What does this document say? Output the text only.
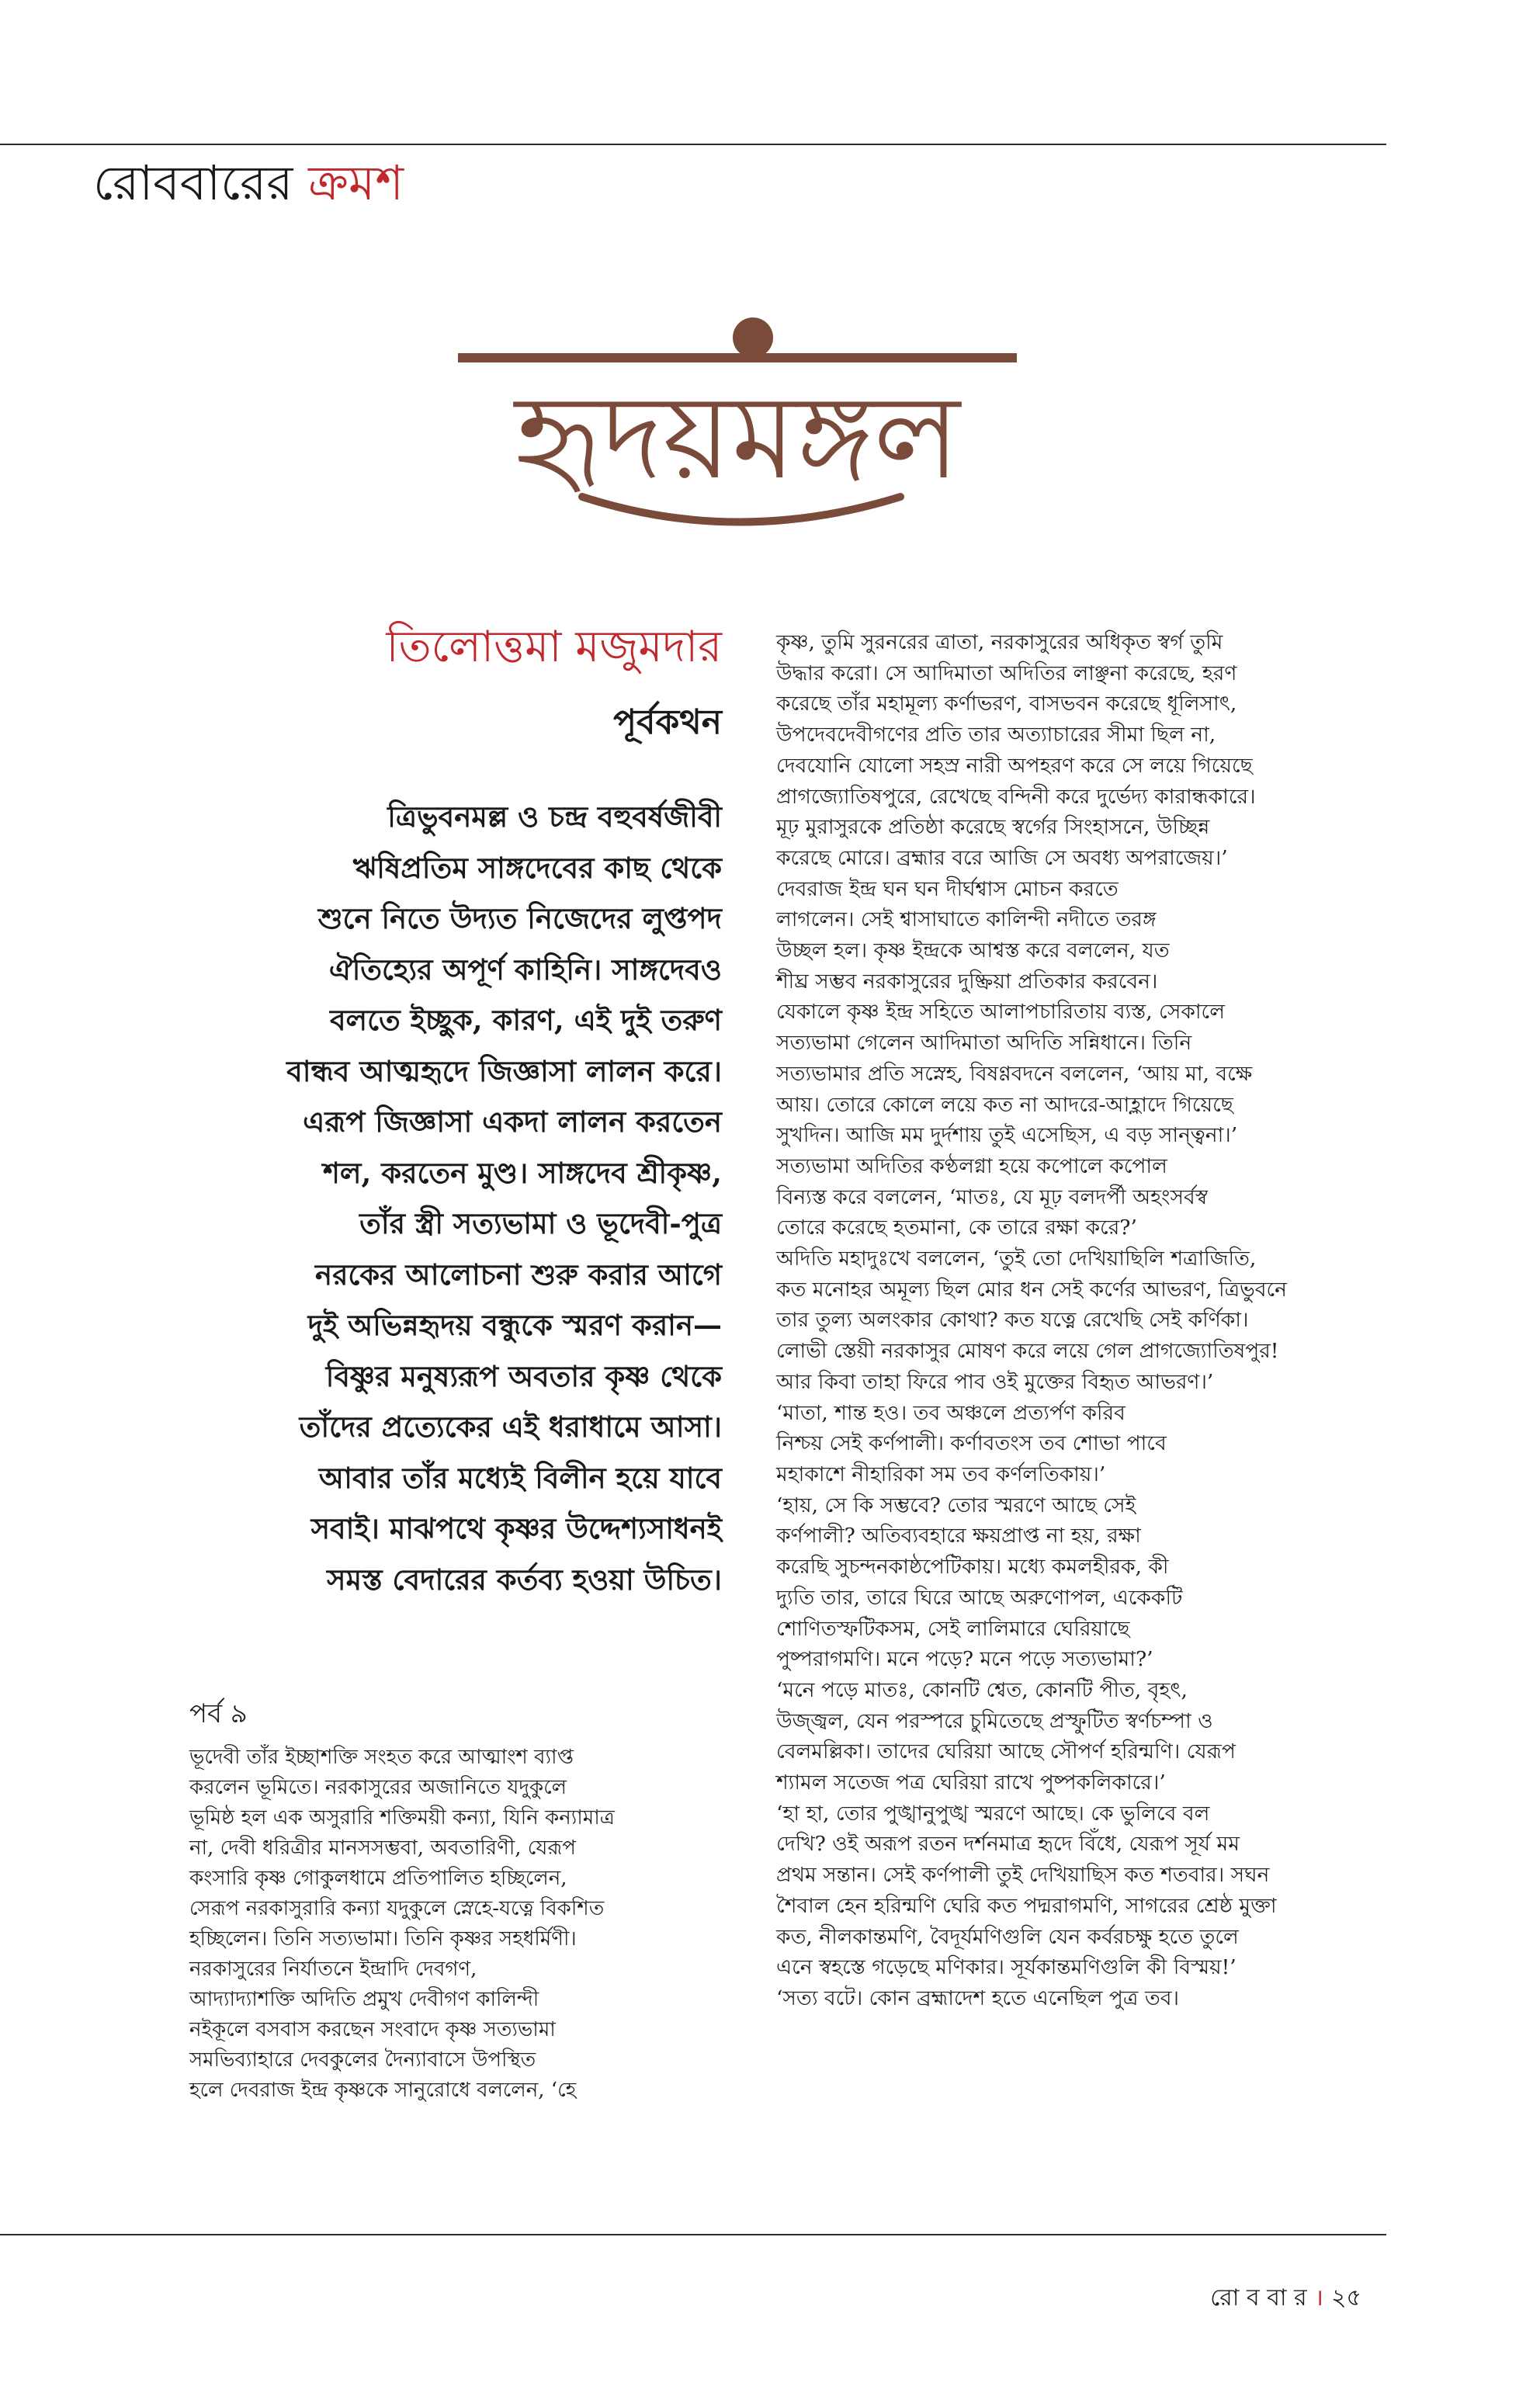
রোববারের ক্রমশ
হৃদয়মঙ্গল
তিলোত্তমা মজুমদার
পূর্বকথন

ত্রিভুবনমল্ল ও চন্দ্র বহুবর্ষজীবী

ঋষিপ্রতিম সাঙ্গদেবের কাছ থেকে

শুনে নিতে উদ্যত নিজেদের লুপ্তপদ

ঐতিহ্যের অপূর্ণ কাহিনি। সাঙ্গদেবও

বলতে ইচ্ছুক, কারণ, এই দুই তরুণ

বান্ধব আত্মহৃদে জিজ্ঞাসা লালন করে।

এরূপ জিজ্ঞাসা একদা লালন করতেন

শল, করতেন মুণ্ড। সাঙ্গদেব শ্রীকৃষ্ণ,

তাঁর স্ত্রী সত্যভামা ও ভূদেবী-পুত্র

নরকের আলোচনা শুরু করার আগে

দুই অভিন্নহৃদয় বন্ধুকে স্মরণ করান—

বিষ্ণুর মনুষ্যরূপ অবতার কৃষ্ণ থেকে

তাঁদের প্রত্যেকের এই ধরাধামে আসা।

আবার তাঁর মধ্যেই বিলীন হয়ে যাবে

সবাই। মাঝপথে কৃষ্ণর উদ্দেশ্যসাধনই

সমস্ত বেদারের কর্তব্য হওয়া উচিত।

পর্ব ৯

ভূদেবী তাঁর ইচ্ছাশক্তি সংহত করে আত্মাংশ ব্যাপ্ত

করলেন ভূমিতে। নরকাসুরের অজানিতে যদুকুলে

ভূমিষ্ঠ হল এক অসুরারি শক্তিময়ী কন্যা, যিনি কন্যামাত্র

না, দেবী ধরিত্রীর মানসসম্ভবা, অবতারিণী, যেরূপ

কংসারি কৃষ্ণ গোকুলধামে প্রতিপালিত হচ্ছিলেন,

সেরূপ নরকাসুরারি কন্যা যদুকুলে স্নেহে-যত্নে বিকশিত

হচ্ছিলেন। তিনি সত্যভামা। তিনি কৃষ্ণর সহধর্মিণী।

নরকাসুরের নির্যাতনে ইন্দ্রাদি দেবগণ,

আদ্যাদ্যাশক্তি অদিতি প্রমুখ দেবীগণ কালিন্দী

নইকূলে বসবাস করছেন সংবাদে কৃষ্ণ সত্যভামা

সমভিব্যাহারে দেবকুলের দৈন্যাবাসে উপস্থিত

হলে দেবরাজ ইন্দ্র কৃষ্ণকে সানুরোধে বললেন, ‘হে

কৃষ্ণ, তুমি সুরনরের ত্রাতা, নরকাসুরের অধিকৃত স্বর্গ তুমি

উদ্ধার করো। সে আদিমাতা অদিতির লাঞ্ছনা করেছে, হরণ

করেছে তাঁর মহামূল্য কর্ণাভরণ, বাসভবন করেছে ধূলিসাৎ,

উপদেবদেবীগণের প্রতি তার অত্যাচারের সীমা ছিল না,

দেবযোনি যোলো সহস্র নারী অপহরণ করে সে লয়ে গিয়েছে

প্রাগজ্যোতিষপুরে, রেখেছে বন্দিনী করে দুর্ভেদ্য কারান্ধকারে।

মূঢ় মুরাসুরকে প্রতিষ্ঠা করেছে স্বর্গের সিংহাসনে, উচ্ছিন্ন

করেছে মোরে। ব্রহ্মার বরে আজি সে অবধ্য অপরাজেয়।’

দেবরাজ ইন্দ্র ঘন ঘন দীর্ঘশ্বাস মোচন করতে

লাগলেন। সেই শ্বাসাঘাতে কালিন্দী নদীতে তরঙ্গ

উচ্ছল হল। কৃষ্ণ ইন্দ্রকে আশ্বস্ত করে বললেন, যত

শীঘ্র সম্ভব নরকাসুরের দুষ্ক্রিয়া প্রতিকার করবেন।

যেকালে কৃষ্ণ ইন্দ্র সহিতে আলাপচারিতায় ব্যস্ত, সেকালে

সত্যভামা গেলেন আদিমাতা অদিতি সন্নিধানে। তিনি

সত্যভামার প্রতি সস্নেহ, বিষণ্ণবদনে বললেন, ‘আয় মা, বক্ষে

আয়। তোরে কোলে লয়ে কত না আদরে-আহ্লাদে গিয়েছে

সুখদিন। আজি মম দুর্দশায় তুই এসেছিস, এ বড় সান্ত্বনা।’

সত্যভামা অদিতির কণ্ঠলগ্না হয়ে কপোলে কপোল

বিন্যস্ত করে বললেন, ‘মাতঃ, যে মূঢ় বলদর্পী অহংসর্বস্ব

তোরে করেছে হতমানা, কে তারে রক্ষা করে?’

অদিতি মহাদুঃখে বললেন, ‘তুই তো দেখিয়াছিলি শত্রাজিতি,

কত মনোহর অমূল্য ছিল মোর ধন সেই কর্ণের আভরণ, ত্রিভুবনে

তার তুল্য অলংকার কোথা? কত যত্নে রেখেছি সেই কর্ণিকা।

লোভী স্তেয়ী নরকাসুর মোষণ করে লয়ে গেল প্রাগজ্যোতিষপুর!

আর কিবা তাহা ফিরে পাব ওই মুক্তের বিহৃত আভরণ।’

‘মাতা, শান্ত হও। তব অঞ্চলে প্রত্যর্পণ করিব

নিশ্চয় সেই কর্ণপালী। কর্ণাবতংস তব শোভা পাবে

মহাকাশে নীহারিকা সম তব কর্ণলতিকায়।’

‘হায়, সে কি সম্ভবে? তোর স্মরণে আছে সেই

কর্ণপালী? অতিব্যবহারে ক্ষয়প্রাপ্ত না হয়, রক্ষা

করেছি সুচন্দনকাষ্ঠপেটিকায়। মধ্যে কমলহীরক, কী

দ্যুতি তার, তারে ঘিরে আছে অরুণোপল, একেকটি

শোণিতস্ফটিকসম, সেই লালিমারে ঘেরিয়াছে

পুষ্পরাগমণি। মনে পড়ে? মনে পড়ে সত্যভামা?’

‘মনে পড়ে মাতঃ, কোনটি শ্বেত, কোনটি পীত, বৃহৎ,

উজ্জ্বল, যেন পরস্পরে চুমিতেছে প্রস্ফুটিত স্বর্ণচম্পা ও

বেলমল্লিকা। তাদের ঘেরিয়া আছে সৌপর্ণ হরিন্মণি। যেরূপ

শ্যামল সতেজ পত্র ঘেরিয়া রাখে পুষ্পকলিকারে।’

‘হা হা, তোর পুঙ্খানুপুঙ্খ স্মরণে আছে। কে ভুলিবে বল

দেখি? ওই অরূপ রতন দর্শনমাত্র হৃদে বিঁধে, যেরূপ সূর্য মম

প্রথম সন্তান। সেই কর্ণপালী তুই দেখিয়াছিস কত শতবার। সঘন

শৈবাল হেন হরিন্মণি ঘেরি কত পদ্মরাগমণি, সাগরের শ্রেষ্ঠ মুক্তা

কত, নীলকান্তমণি, বৈদূর্যমণিগুলি যেন কর্বরচক্ষু হতে তুলে

এনে স্বহস্তে গড়েছে মণিকার। সূর্যকান্তমণিগুলি কী বিস্ময়!’

‘সত্য বটে। কোন ব্রহ্মাদেশ হতে এনেছিল পুত্র তব।

রো ব বা র । ২৫
